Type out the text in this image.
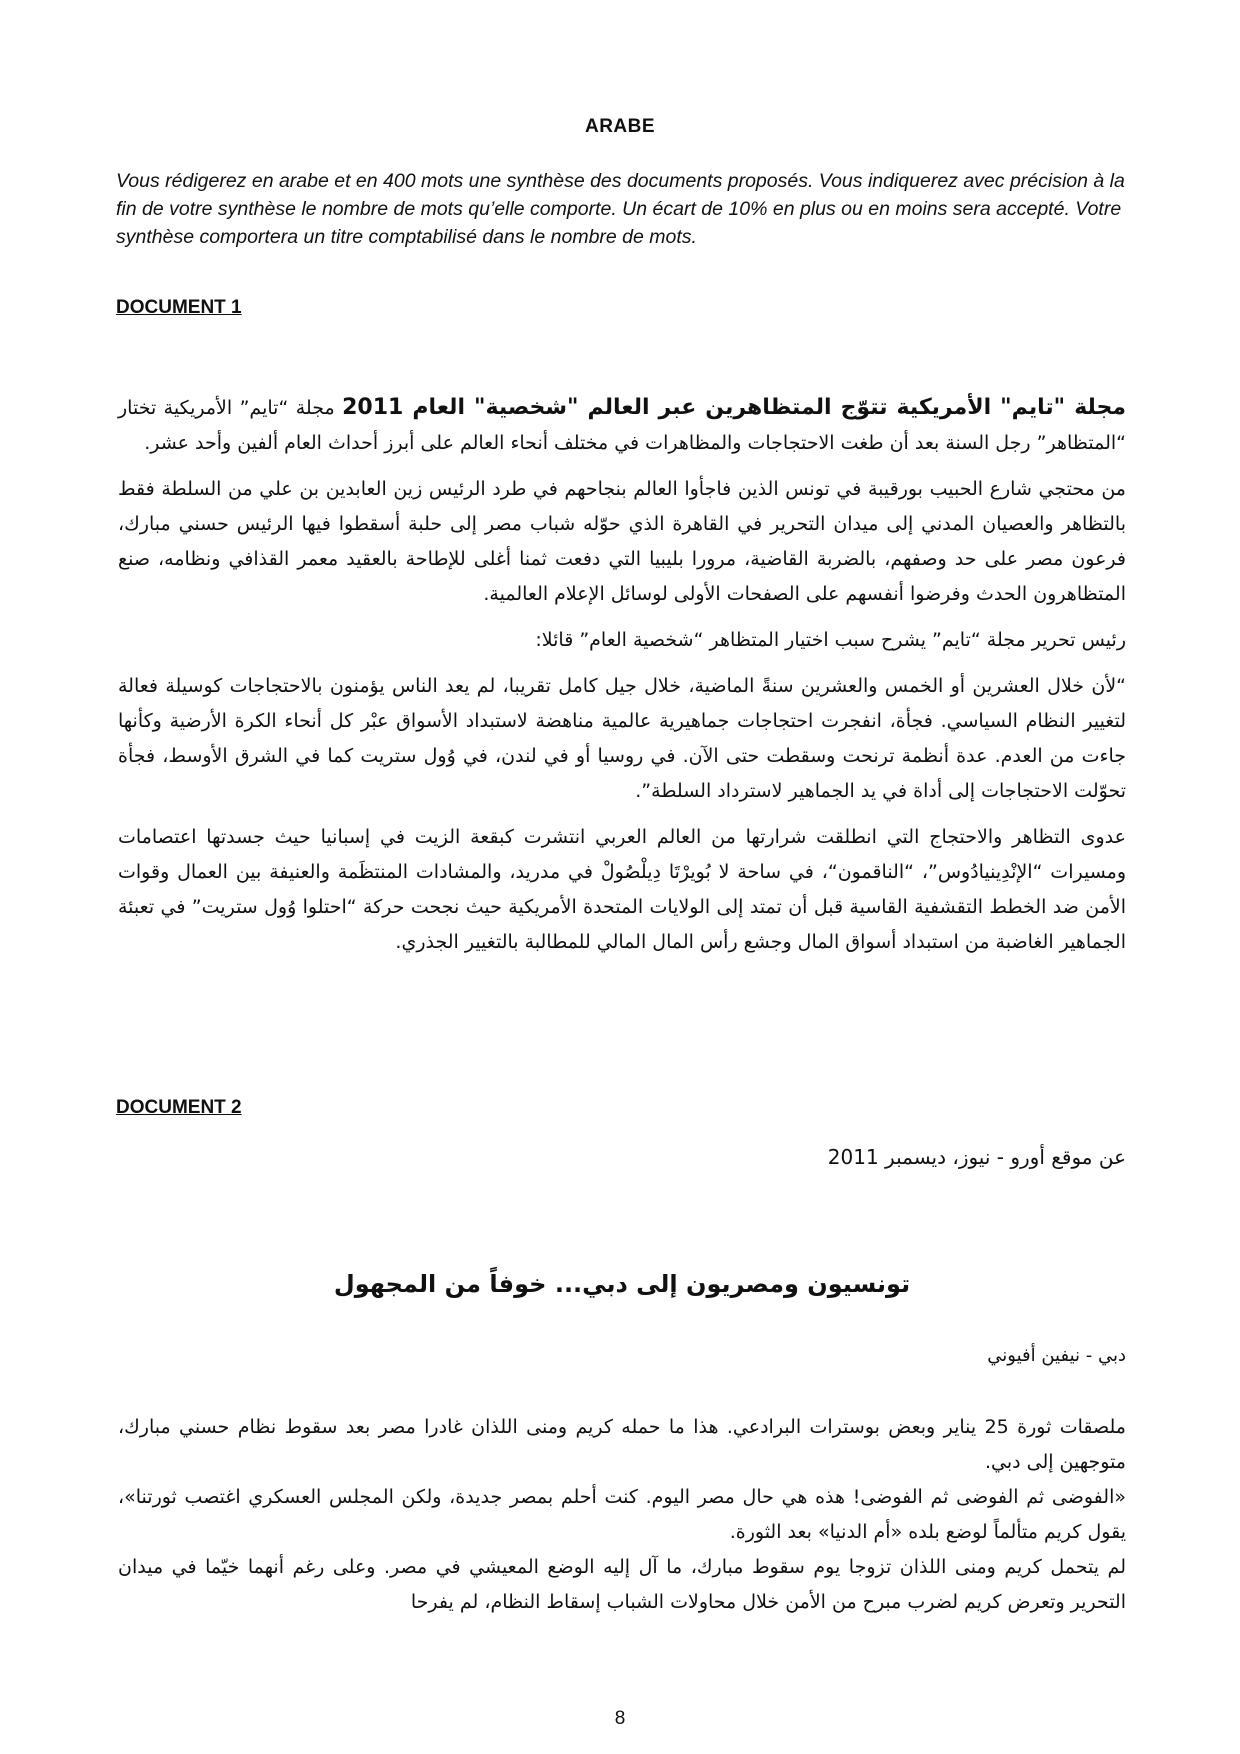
ARABE

Vous rédigerez en arabe et en 400 mots une synthèse des documents proposés. Vous indiquerez avec précision à la fin de votre synthèse le nombre de mots qu’elle comporte. Un écart de 10% en plus ou en moins sera accepté. Votre synthèse comportera un titre comptabilisé dans le nombre de mots.

DOCUMENT 1

مجلة "تايم" الأمريكية تتوّج المتظاهرين عبر العالم "شخصية" العام 2011 مجلة “تايم” الأمريكية تختار “المتظاهر” رجل السنة بعد أن طغت الاحتجاجات والمظاهرات في مختلف أنحاء العالم على أبرز أحداث العام ألفين وأحد عشر.

من محتجي شارع الحبيب بورقيبة في تونس الذين فاجأوا العالم بنجاحهم في طرد الرئيس زين العابدين بن علي من السلطة فقط بالتظاهر والعصيان المدني إلى ميدان التحرير في القاهرة الذي حوّله شباب مصر إلى حلبة أسقطوا فيها الرئيس حسني مبارك، فرعون مصر على حد وصفهم، بالضربة القاضية، مرورا بليبيا التي دفعت ثمنا أغلى للإطاحة بالعقيد معمر القذافي ونظامه، صنع المتظاهرون الحدث وفرضوا أنفسهم على الصفحات الأولى لوسائل الإعلام العالمية.

رئيس تحرير مجلة “تايم” يشرح سبب اختيار المتظاهر “شخصية العام” قائلا:

“لأن خلال العشرين أو الخمس والعشرين سنةً الماضية، خلال جيل كامل تقريبا، لم يعد الناس يؤمنون بالاحتجاجات كوسيلة فعالة لتغيير النظام السياسي. فجأة، انفجرت احتجاجات جماهيرية عالمية مناهضة لاستبداد الأسواق عبْر كل أنحاء الكرة الأرضية وكأنها جاءت من العدم. عدة أنظمة ترنحت وسقطت حتى الآن. في روسيا أو في لندن، في وُول ستريت كما في الشرق الأوسط، فجأة تحوّلت الاحتجاجات إلى أداة في يد الجماهير لاسترداد السلطة”.

عدوى التظاهر والاحتجاج التي انطلقت شرارتها من العالم العربي انتشرت كبقعة الزيت في إسبانيا حيث جسدتها اعتصامات ومسيرات “الإنْدِينيادُوس”، “الناقمون“، في ساحة لا بُويرْتَا دِيلْصُولْ في مدريد، والمشادات المنتظَمة والعنيفة بين العمال وقوات الأمن ضد الخطط التقشفية القاسية قبل أن تمتد إلى الولايات المتحدة الأمريكية حيث نجحت حركة “احتلوا وُول ستريت” في تعبئة الجماهير الغاضبة من استبداد أسواق المال وجشع رأس المال المالي للمطالبة بالتغيير الجذري.

عن موقع أورو - نيوز، ديسمبر 2011

DOCUMENT 2
تونسيون ومصريون إلى دبي... خوفاً من المجهول

دبي - نيفين أفيوني

ملصقات ثورة 25 يناير وبعض بوسترات البرادعي. هذا ما حمله كريم ومنى اللذان غادرا مصر بعد سقوط نظام حسني مبارك، متوجهين إلى دبي.

«الفوضى ثم الفوضى ثم الفوضى! هذه هي حال مصر اليوم. كنت أحلم بمصر جديدة، ولكن المجلس العسكري اغتصب ثورتنا»، يقول كريم متألماً لوضع بلده «أم الدنيا» بعد الثورة.

لم يتحمل كريم ومنى اللذان تزوجا يوم سقوط مبارك، ما آل إليه الوضع المعيشي في مصر. وعلى رغم أنهما خيّما في ميدان التحرير وتعرض كريم لضرب مبرح من الأمن خلال محاولات الشباب إسقاط النظام، لم يفرحا

8
